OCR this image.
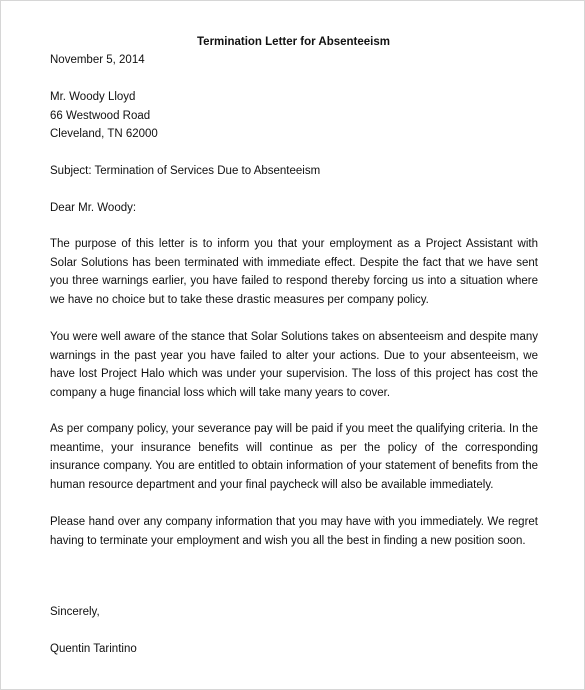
Termination Letter for Absenteeism
November 5, 2014
Mr. Woody Lloyd
66 Westwood Road
Cleveland, TN 62000
Subject: Termination of Services Due to Absenteeism
Dear Mr. Woody:

The purpose of this letter is to inform you that your employment as a Project Assistant with Solar Solutions has been terminated with immediate effect. Despite the fact that we have sent you three warnings earlier, you have failed to respond thereby forcing us into a situation where we have no choice but to take these drastic measures per company policy.

You were well aware of the stance that Solar Solutions takes on absenteeism and despite many warnings in the past year you have failed to alter your actions. Due to your absenteeism, we have lost Project Halo which was under your supervision. The loss of this project has cost the company a huge financial loss which will take many years to cover.

As per company policy, your severance pay will be paid if you meet the qualifying criteria. In the meantime, your insurance benefits will continue as per the policy of the corresponding insurance company. You are entitled to obtain information of your statement of benefits from the human resource department and your final paycheck will also be available immediately.

Please hand over any company information that you may have with you immediately. We regret having to terminate your employment and wish you all the best in finding a new position soon.

Sincerely,
Quentin Tarintino
